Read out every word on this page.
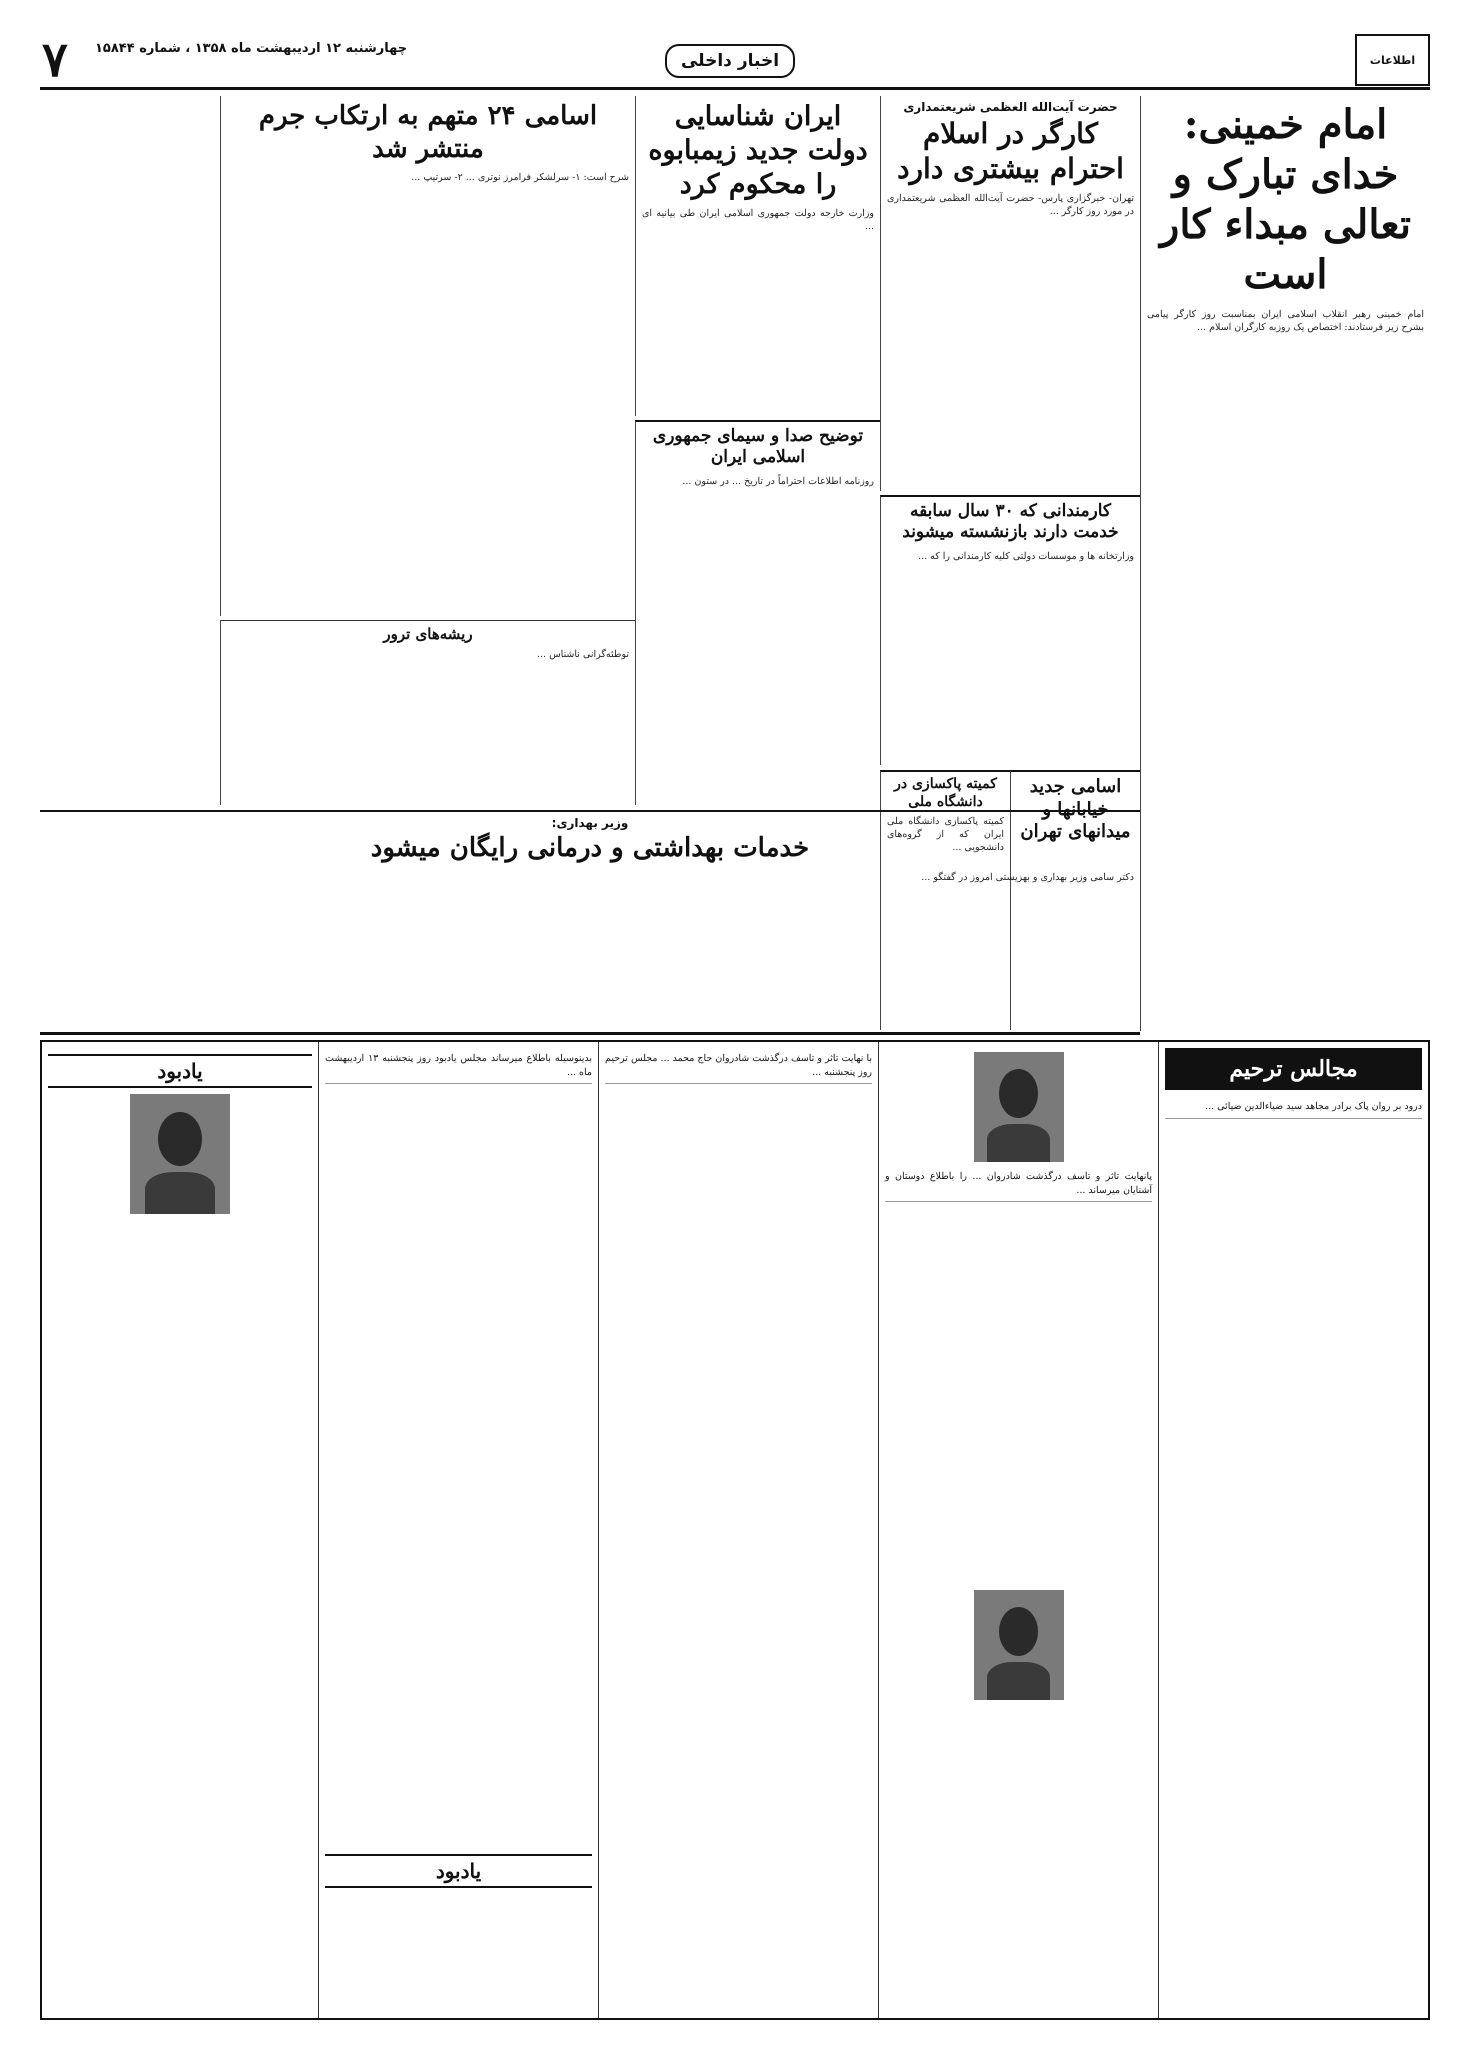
اطلاعات
اخبار داخلی
چهارشنبه ۱۲ اردیبهشت ماه ۱۳۵۸ ، شماره ۱۵۸۴۴
۷
امام خمینی: خدای تبارک و تعالی مبداء کار است
امام خمینی رهبر انقلاب اسلامی ایران بمناسبت روز کارگر پیامی بشرح زیر فرستادند: اختصاص یک روزبه کارگران اسلام ...
حضرت آیت‌الله العظمی شریعتمداری
کارگر در اسلام احترام بیشتری دارد
تهران- خبرگزاری پارس- حضرت آیت‌الله العظمی شریعتمداری در مورد روز کارگر ...
کارمندانی که ۳۰ سال سابقه خدمت دارند بازنشسته میشوند
وزارتخانه ها و موسسات دولتی کلیه کارمندانی را که ...
اسامی جدید خیابانها و میدانهای تهران
کمیته پاکسازی در دانشگاه ملی
کمیته پاکسازی دانشگاه ملی ایران که از گروه‌های دانشجویی ...
ایران شناسایی دولت جدید زیمبابوه را محکوم کرد
وزارت خارجه دولت جمهوری اسلامی ایران طی بیانیه ای ...
توضیح صدا و سیمای جمهوری اسلامی ایران
روزنامه اطلاعات احتراماً در تاریخ ... در ستون ...
اسامی ۲۴ متهم به ارتکاب جرم منتشر شد
شرح است: ۱- سرلشکر فرامرز نوتری ... ۲- سرتیپ ...
ریشه‌های ترور
توطئه‌گرانی ناشناس ...
وزیر بهداری:
خدمات بهداشتی و درمانی رایگان میشود
دکتر سامی وزیر بهداری و بهزیستی امروز در گفتگو ...
مجالس ترحیم
درود بر روان پاک برادر مجاهد سید ضیاءالدین ضیائی ...
پانهایت تاثر و تاسف درگذشت شادروان ... را باطلاع دوستان و آشنایان میرساند ...
با نهایت تاثر و تاسف درگذشت شادروان حاج محمد ... مجلس ترحیم روز پنجشنبه ...
بدینوسیله باطلاع میرساند مجلس یادبود روز پنجشنبه ۱۳ اردیبهشت ماه ...
یادبود
یادبود
